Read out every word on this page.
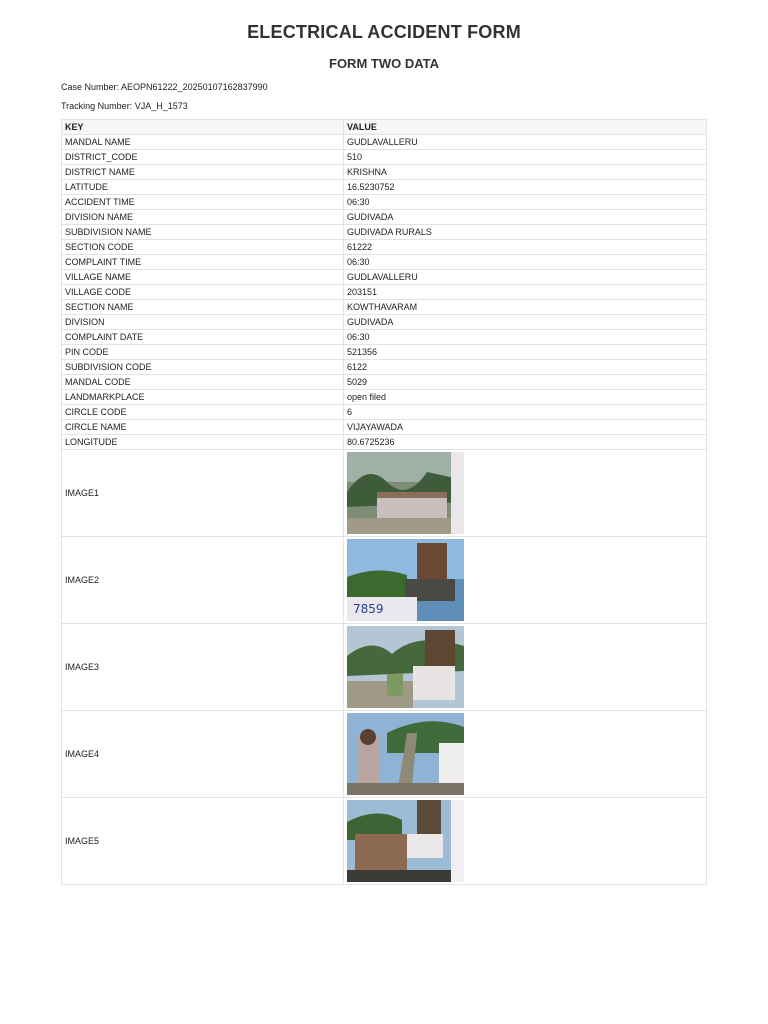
ELECTRICAL ACCIDENT FORM
FORM TWO DATA
Case Number: AEOPN61222_20250107162837990
Tracking Number: VJA_H_1573
KEY	VALUE
MANDAL NAME	GUDLAVALLERU
DISTRICT_CODE	510
DISTRICT NAME	KRISHNA
LATITUDE	16.5230752
ACCIDENT TIME	06:30
DIVISION NAME	GUDIVADA
SUBDIVISION NAME	GUDIVADA RURALS
SECTION CODE	61222
COMPLAINT TIME	06:30
VILLAGE NAME	GUDLAVALLERU
VILLAGE CODE	203151
SECTION NAME	KOWTHAVARAM
DIVISION	GUDIVADA
COMPLAINT DATE	06:30
PIN CODE	521356
SUBDIVISION CODE	6122
MANDAL CODE	5029
LANDMARKPLACE	open filed
CIRCLE CODE	6
CIRCLE NAME	VIJAYAWADA
LONGITUDE	80.6725236
IMAGE1	

IMAGE2	7859

IMAGE3	

IMAGE4	

IMAGE5	
